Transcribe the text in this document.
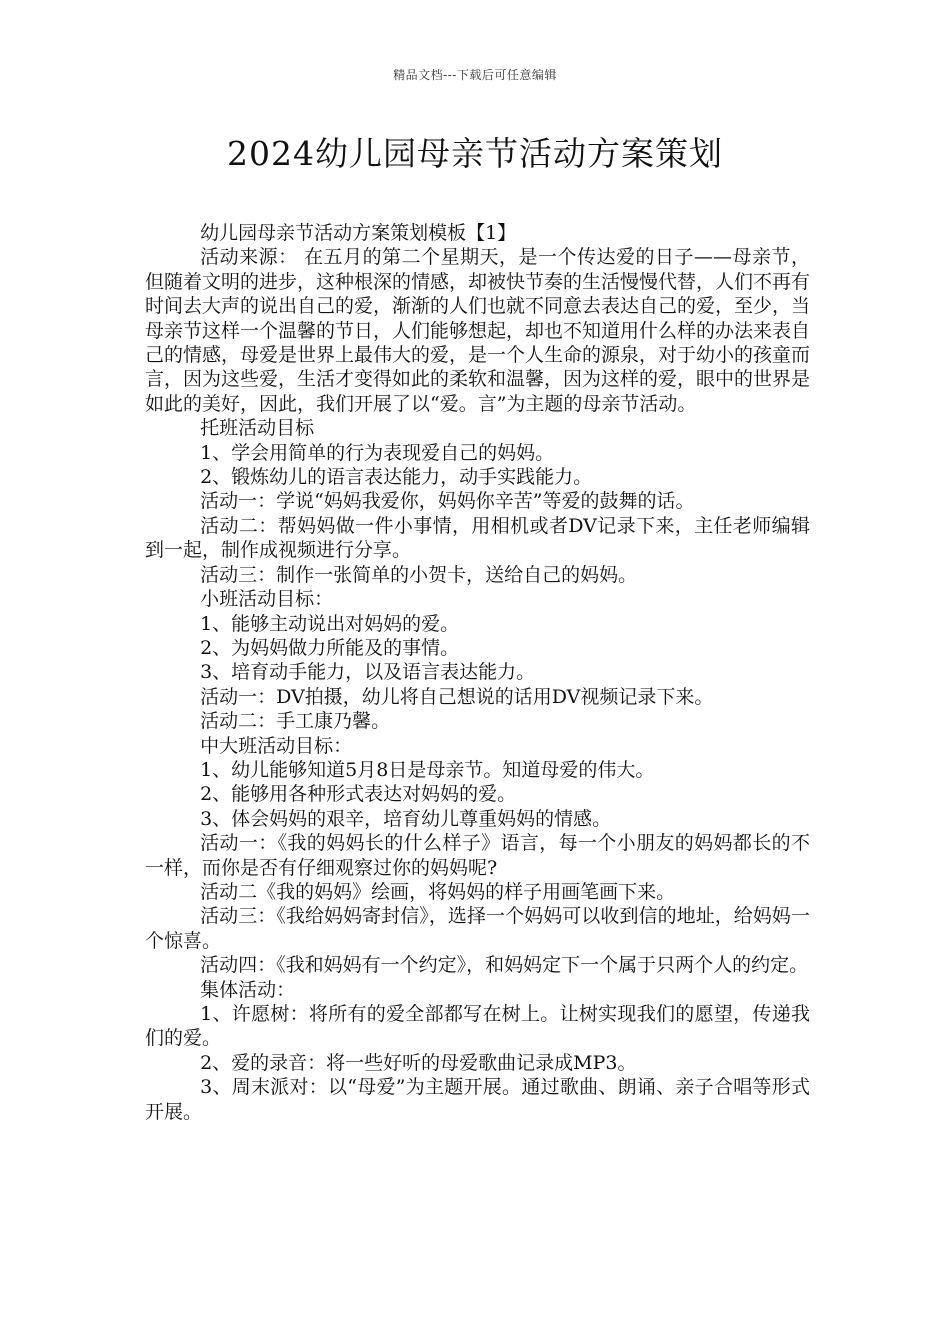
精品文档---下载后可任意编辑
2024幼儿园母亲节活动方案策划

幼儿园母亲节活动方案策划模板【1】

活动来源： 在五月的第二个星期天，是一个传达爱的日子——母亲节，但随着文明的进步，这种根深的情感，却被快节奏的生活慢慢代替，人们不再有时间去大声的说出自己的爱，渐渐的人们也就不同意去表达自己的爱，至少，当母亲节这样一个温馨的节日，人们能够想起，却也不知道用什么样的办法来表自己的情感，母爱是世界上最伟大的爱，是一个人生命的源泉，对于幼小的孩童而言，因为这些爱，生活才变得如此的柔软和温馨，因为这样的爱，眼中的世界是如此的美好，因此，我们开展了以“爱。言”为主题的母亲节活动。

托班活动目标

1、学会用简单的行为表现爱自己的妈妈。

2、锻炼幼儿的语言表达能力，动手实践能力。

活动一：学说“妈妈我爱你，妈妈你辛苦”等爱的鼓舞的话。

活动二：帮妈妈做一件小事情，用相机或者DV记录下来，主任老师编辑到一起，制作成视频进行分享。

活动三：制作一张简单的小贺卡，送给自己的妈妈。

小班活动目标：

1、能够主动说出对妈妈的爱。

2、为妈妈做力所能及的事情。

3、培育动手能力，以及语言表达能力。

活动一：DV拍摄，幼儿将自己想说的话用DV视频记录下来。

活动二：手工康乃馨。

中大班活动目标：

1、幼儿能够知道5月8日是母亲节。知道母爱的伟大。

2、能够用各种形式表达对妈妈的爱。

3、体会妈妈的艰辛，培育幼儿尊重妈妈的情感。

活动一：《我的妈妈长的什么样子》语言，每一个小朋友的妈妈都长的不一样，而你是否有仔细观察过你的妈妈呢?

活动二《我的妈妈》绘画，将妈妈的样子用画笔画下来。

活动三：《我给妈妈寄封信》，选择一个妈妈可以收到信的地址，给妈妈一个惊喜。

活动四：《我和妈妈有一个约定》，和妈妈定下一个属于只两个人的约定。

集体活动：

1、许愿树：将所有的爱全部都写在树上。让树实现我们的愿望，传递我们的爱。

2、爱的录音：将一些好听的母爱歌曲记录成MP3。

3、周末派对：以“母爱”为主题开展。通过歌曲、朗诵、亲子合唱等形式开展。
